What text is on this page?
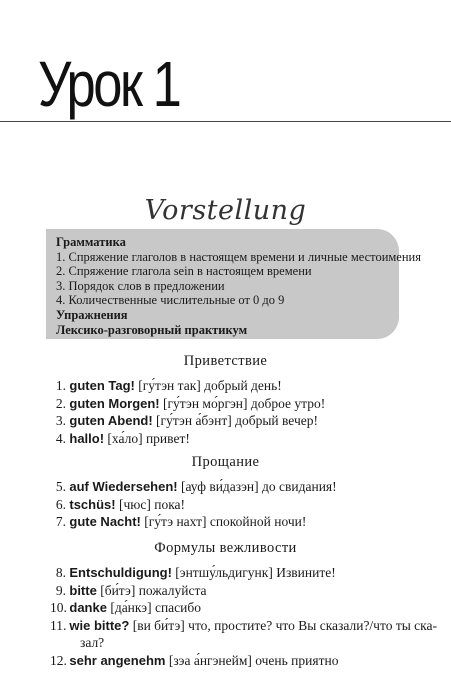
Урок 1
Vorstellung
Грамматика
1. Спряжение глаголов в настоящем времени и личные местоимения
2. Спряжение глагола sein в настоящем времени
3. Порядок слов в предложении
4. Количественные числительные от 0 до 9
Упражнения
Лексико-разговорный практикум
Приветствие
1. guten Tag! [гу́тэн так] добрый день!
2. guten Morgen! [гу́тэн мо́ргэн] доброе утро!
3. guten Abend! [гу́тэн а́бэнт] добрый вечер!
4. hallo! [ха́ло] привет!
Прощание
5. auf Wiedersehen! [ауф ви́дазэн] до свидания!
6. tschüs! [чюс] пока!
7. gute Nacht! [гу́тэ нахт] спокойной ночи!
Формулы вежливости
8. Entschuldigung! [энтшу́льдигунк] Извините!
9. bitte [би́тэ] пожалуйста
10. danke [да́нкэ] спасибо
11. wie bitte? [ви би́тэ] что, простите? что Вы сказали?/что ты ска-
зал?
12. sehr angenehm [зэа а́нгэнейм] очень приятно
